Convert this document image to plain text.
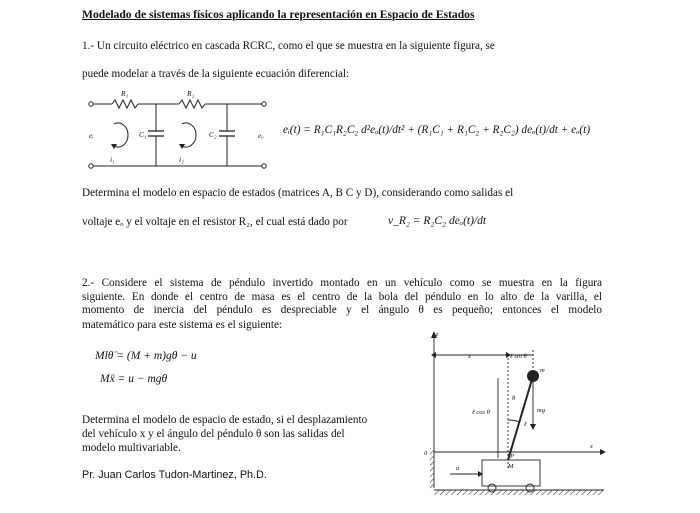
Modelado de sistemas físicos aplicando la representación en Espacio de Estados
1.- Un circuito eléctrico en cascada RCRC, como el que se muestra en la siguiente figura, se
puede modelar a través de la siguiente ecuación diferencial:
R₁	R₂
C₁	C₂
eᵢ	eₒ
i₁	i₂
eᵢ(t) = R₁C₁R₂C₂ d²eₒ(t)/dt² + (R₁C₁ + R₁C₂ + R₂C₂) deₒ(t)/dt + eₒ(t)
Determina el modelo en espacio de estados (matrices A, B C y D), considerando como salidas el
voltaje eₒ y el voltaje en el resistor R₂, el cual está dado por	v_R₂ = R₂C₂ deₒ(t)/dt
2.- Considere el sistema de péndulo invertido montado en un vehículo como se muestra en la figura
siguiente. En donde el centro de masa es el centro de la bola del péndulo en lo alto de la varilla, el
momento de inercia del péndulo es despreciable y el ángulo θ es pequeño; entonces el modelo
matemático para este sistema es el siguiente:
Mlθ̈ = (M + m)gθ − u
Mẍ = u − mgθ
Determina el modelo de espacio de estado, si el desplazamiento
del vehículo x y el ángulo del péndulo θ son las salidas del
modelo multivariable.
Pr. Juan Carlos Tudon-Martinez, Ph.D.
z
x	ℓ sin θ
m
θ
ℓ cos θ	mg
ℓ
M
P
u
0
x
